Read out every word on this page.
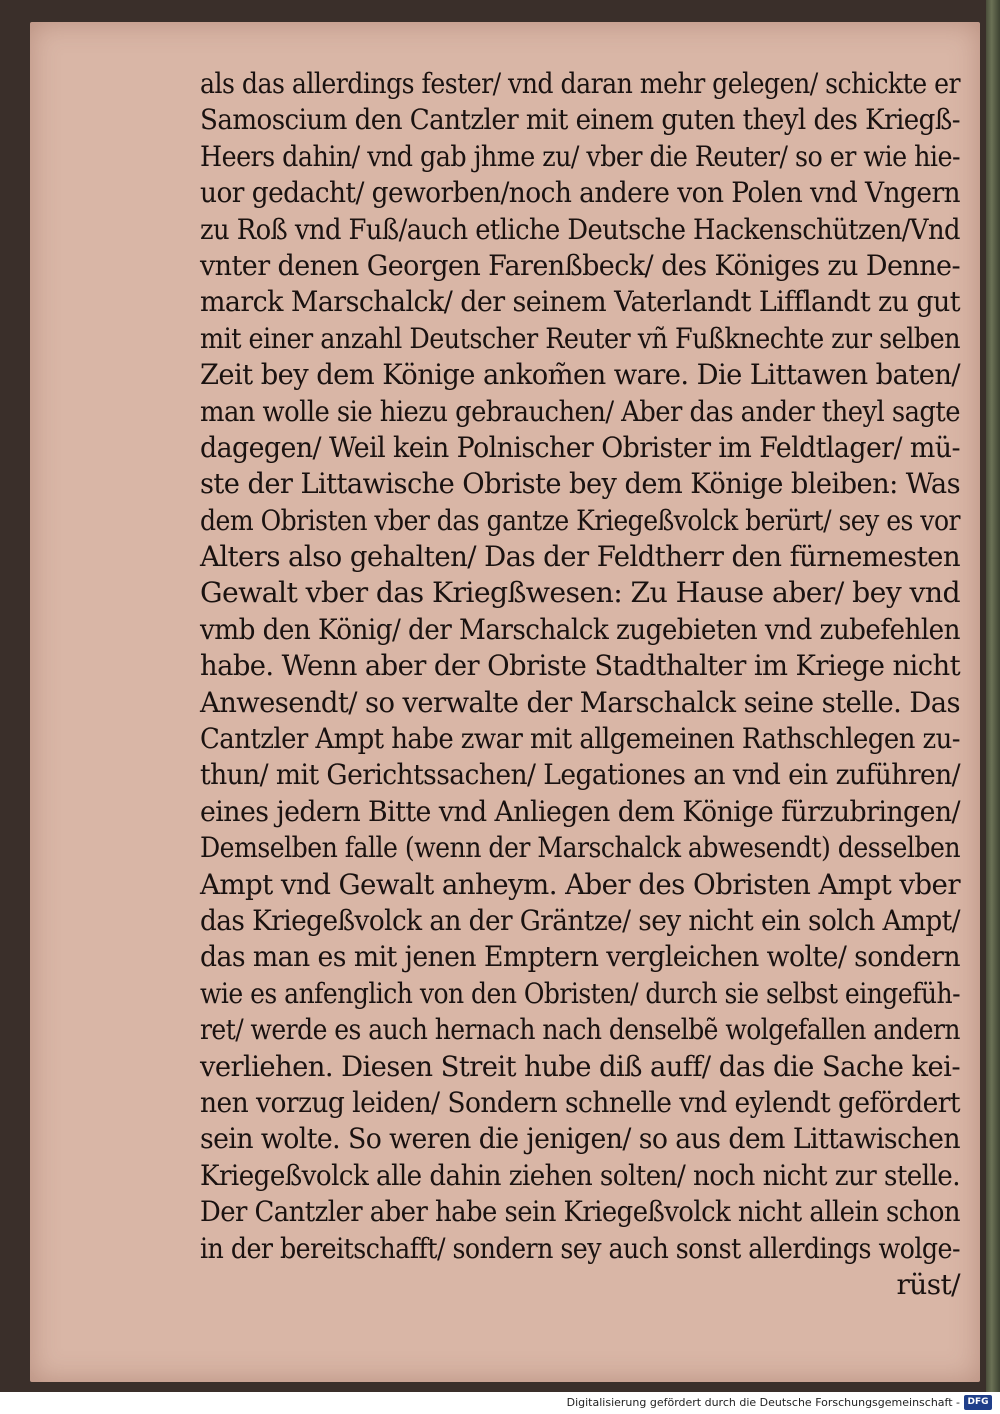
als das allerdings fester/ vnd daran mehr gelegen/ schickte er
Samoscium den Cantzler mit einem guten theyl des Kriegß-
Heers dahin/ vnd gab jhme zu/ vber die Reuter/ so er wie hie-
uor gedacht/ geworben/noch andere von Polen vnd Vngern
zu Roß vnd Fuß/auch etliche Deutsche Hackenschützen/Vnd
vnter denen Georgen Farenßbeck/ des Königes zu Denne-
marck Marschalck/ der seinem Vaterlandt Lifflandt zu gut
mit einer anzahl Deutscher Reuter vñ Fußknechte zur selben
Zeit bey dem Könige ankom̃en ware. Die Littawen baten/
man wolle sie hiezu gebrauchen/ Aber das ander theyl sagte
dagegen/ Weil kein Polnischer Obrister im Feldtlager/ mü-
ste der Littawische Obriste bey dem Könige bleiben: Was
dem Obristen vber das gantze Kriegeßvolck berürt/ sey es vor
Alters also gehalten/ Das der Feldtherr den fürnemesten
Gewalt vber das Kriegßwesen: Zu Hause aber/ bey vnd
vmb den König/ der Marschalck zugebieten vnd zubefehlen
habe. Wenn aber der Obriste Stadthalter im Kriege nicht
Anwesendt/ so verwalte der Marschalck seine stelle. Das
Cantzler Ampt habe zwar mit allgemeinen Rathschlegen zu-
thun/ mit Gerichtssachen/ Legationes an vnd ein zuführen/
eines jedern Bitte vnd Anliegen dem Könige fürzubringen/
Demselben falle (wenn der Marschalck abwesendt) desselben
Ampt vnd Gewalt anheym. Aber des Obristen Ampt vber
das Kriegeßvolck an der Gräntze/ sey nicht ein solch Ampt/
das man es mit jenen Emptern vergleichen wolte/ sondern
wie es anfenglich von den Obristen/ durch sie selbst eingefüh-
ret/ werde es auch hernach nach denselbẽ wolgefallen andern
verliehen. Diesen Streit hube diß auff/ das die Sache kei-
nen vorzug leiden/ Sondern schnelle vnd eylendt gefördert
sein wolte. So weren die jenigen/ so aus dem Littawischen
Kriegeßvolck alle dahin ziehen solten/ noch nicht zur stelle.
Der Cantzler aber habe sein Kriegeßvolck nicht allein schon
in der bereitschafft/ sondern sey auch sonst allerdings wolge-
rüst/
Digitalisierung gefördert durch die Deutsche Forschungsgemeinschaft - DFG
